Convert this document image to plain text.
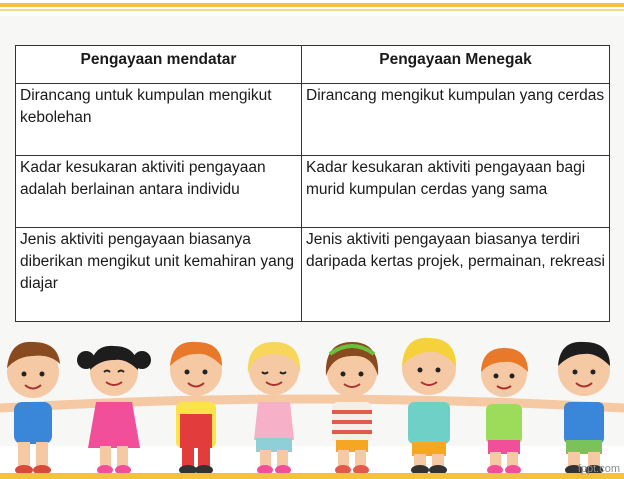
Pengayaan mendatar	Pengayaan Menegak
Dirancang untuk kumpulan mengikut kebolehan	Dirancang mengikut kumpulan yang cerdas
Kadar kesukaran aktiviti pengayaan adalah berlainan antara individu	Kadar kesukaran aktiviti pengayaan bagi murid kumpulan cerdas yang sama
Jenis aktiviti pengayaan biasanya diberikan mengikut unit kemahiran yang diajar	Jenis aktiviti pengayaan biasanya terdiri daripada kertas projek, permainan, rekreasi
fppt.com
